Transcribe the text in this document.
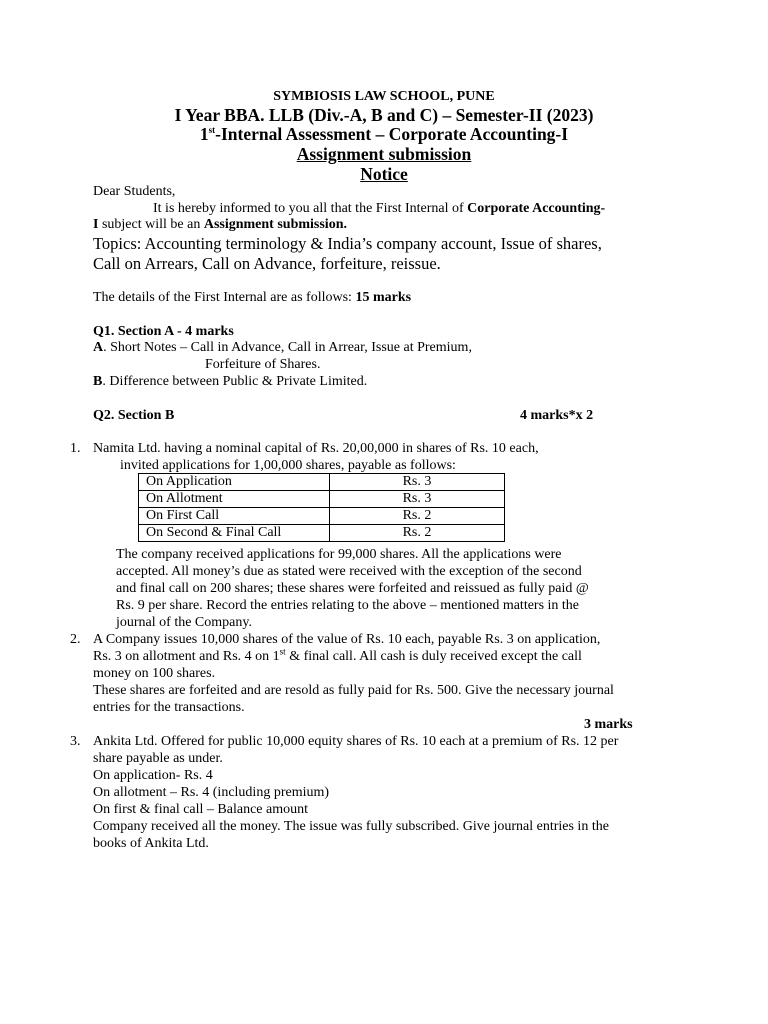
SYMBIOSIS LAW SCHOOL, PUNE
I Year BBA. LLB (Div.-A, B and C) – Semester-II (2023)
1st-Internal Assessment – Corporate Accounting-I
Assignment submission
Notice
Dear Students,
It is hereby informed to you all that the First Internal of Corporate Accounting-
I subject will be an Assignment submission.
Topics: Accounting terminology & India’s company account, Issue of shares,
Call on Arrears, Call on Advance, forfeiture, reissue.
The details of the First Internal are as follows: 15 marks
Q1. Section A - 4 marks
A. Short Notes – Call in Advance, Call in Arrear, Issue at Premium,
Forfeiture of Shares.
B. Difference between Public & Private Limited.
Q2. Section B	4 marks*x 2
1. Namita Ltd. having a nominal capital of Rs. 20,00,000 in shares of Rs. 10 each,
invited applications for 1,00,000 shares, payable as follows:
On Application	Rs. 3
On Allotment	Rs. 3
On First Call	Rs. 2
On Second & Final Call	Rs. 2
The company received applications for 99,000 shares. All the applications were
accepted. All money’s due as stated were received with the exception of the second
and final call on 200 shares; these shares were forfeited and reissued as fully paid @
Rs. 9 per share. Record the entries relating to the above – mentioned matters in the
journal of the Company.
2. A Company issues 10,000 shares of the value of Rs. 10 each, payable Rs. 3 on application,
Rs. 3 on allotment and Rs. 4 on 1st & final call. All cash is duly received except the call
money on 100 shares.
These shares are forfeited and are resold as fully paid for Rs. 500. Give the necessary journal
entries for the transactions.
3 marks
3. Ankita Ltd. Offered for public 10,000 equity shares of Rs. 10 each at a premium of Rs. 12 per
share payable as under.
On application- Rs. 4
On allotment – Rs. 4 (including premium)
On first & final call – Balance amount
Company received all the money. The issue was fully subscribed. Give journal entries in the
books of Ankita Ltd.
